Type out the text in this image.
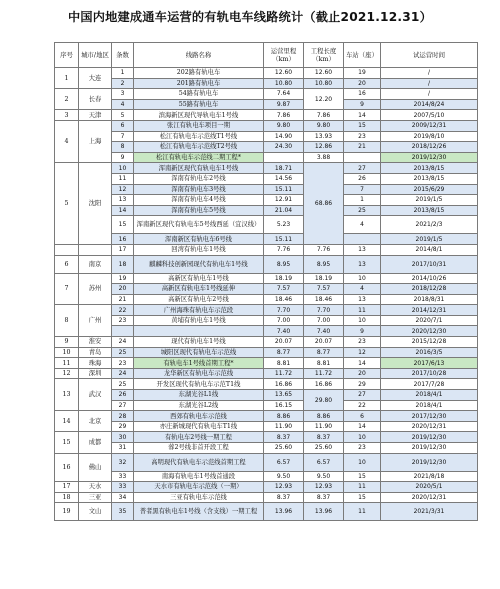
中国内地建成通车运营的有轨电车线路统计（截止2021.12.31）
序号	城市/地区	条数	线路名称	运营里程（km）	工程长度（km）	车站（座）	试运营时间
1	大连	1	202路有轨电车	12.60	12.60	19	/
		2	201路有轨电车	10.80	10.80	20	/
2	长春	3	54路有轨电车	7.64	12.20	16	/
		4	55路有轨电车	9.87		9	2014/8/24
3	天津	5	滨海新区现代导轨电车1号线	7.86	7.86	14	2007/5/10
4	上海	6	张江有轨电车项目一期	9.80	9.80	15	2009/12/31
		7	松江有轨电车示范线T1号线	14.90	13.93	23	2019/8/10
		8	松江有轨电车示范线T2号线	24.30	12.86	21	2018/12/26
		9	松江有轨电车示范线二期工程*		3.88		2019/12/30
5	沈阳	10	浑南新区现代有轨电车1号线	18.71	68.86	27	2013/8/15
		11	浑南有轨电车2号线	14.56		26	2013/8/15
		12	浑南有轨电车3号线	15.11		7	2015/6/29
		13	浑南有轨电车4号线	12.91		1	2019/1/5
		14	浑南有轨电车5号线	21.04		25	2013/8/15
		15	浑南新区现代有轨电车5号线西延（宜汉线）	5.23		4	2021/2/3
		16	浑南新区有轨电车6号线	15.11			2019/1/5
		17	回湾有轨电车1号线	7.76	7.76	13	2014/8/1
6	南京	18	麒麟科技创新园现代有轨电车1号线	8.95	8.95	13	2017/10/31
7	苏州	19	高新区有轨电车1号线	18.19	18.19	10	2014/10/26
		20	高新区有轨电车1号线延伸	7.57	7.57	4	2018/12/28
		21	高新区有轨电车2号线	18.46	18.46	13	2018/8/31
8	广州	22	广州海珠有轨电车示范段	7.70	7.70	11	2014/12/31
		23	黄埔有轨电车1号线	7.00	7.00	10	2020/7/1
				7.40	7.40	9	2020/12/30
9	淮安	24	现代有轨电车1号线	20.07	20.07	23	2015/12/28
10	青岛	25	城阳区现代有轨电车示范线	8.77	8.77	12	2016/3/5
11	珠海	23	有轨电车1号线首期工程*	8.81	8.81	14	2017/6/13
12	深圳	24	龙华新区有轨电车示范线	11.72	11.72	20	2017/10/28
13	武汉	25	开发区现代有轨电车示范T1线	16.86	16.86	29	2017/7/28
		26	东湖光谷L1线	13.65	29.80	27	2018/4/1
		27	东湖光谷L2线	16.15		22	2018/4/1
14	北京	28	西郊有轨电车示范线	8.86	8.86	6	2017/12/30
		29	亦庄新城现代有轨电车T1线	11.90	11.90	14	2020/12/31
15	成都	30	有轨电车2号线一期工程	8.37	8.37	10	2019/12/30
		31	蓉2号线非首开段工程	25.60	25.60	23	2019/12/30
16	佛山	32	高明现代有轨电车示范线首期工程	6.57	6.57	10	2019/12/30
		33	南海有轨电车1号线首通段	9.50	9.50	15	2021/8/18
17	天水	33	天水市有轨电车示范线（一期）	12.93	12.93	11	2020/5/1
18	三亚	34	三亚有轨电车示范线	8.37	8.37	15	2020/12/31
19	文山	35	普者黑有轨电车1号线（含支线）一期工程	13.96	13.96	11	2021/3/31
